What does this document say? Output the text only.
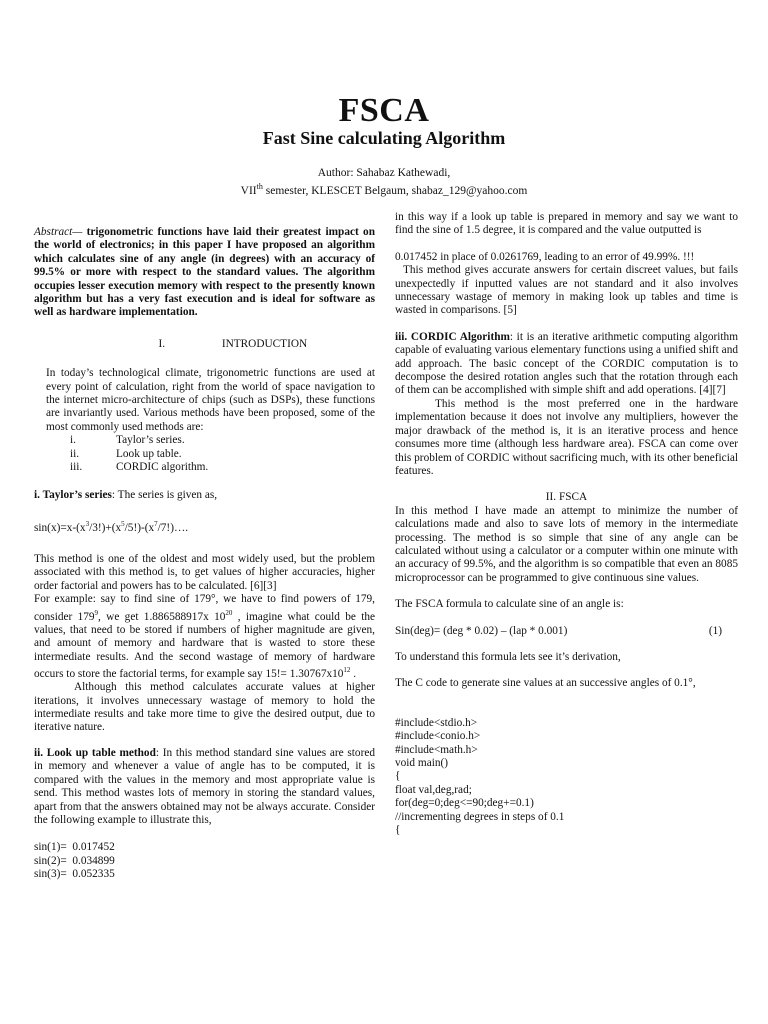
FSCA
Fast Sine calculating Algorithm
Author: Sahabaz Kathewadi,
VIIth semester, KLESCET Belgaum, shabaz_129@yahoo.com

Abstract— trigonometric functions have laid their greatest impact on the world of electronics; in this paper I have proposed an algorithm which calculates sine of any angle (in degrees) with an accuracy of 99.5% or more with respect to the standard values. The algorithm occupies lesser execution memory with respect to the presently known algorithm but has a very fast execution and is ideal for software as well as hardware implementation.

I.	INTRODUCTION

In today’s technological climate, trigonometric functions are used at every point of calculation, right from the world of space navigation to the internet micro-architecture of chips (such as DSPs), these functions are invariantly used. Various methods have been proposed, some of the most commonly used methods are:

i.	Taylor’s series.
ii.	Look up table.
iii.	CORDIC algorithm.

i. Taylor’s series: The series is given as,

$\sin(x)=x-(x^3/3!)+(x^5/5!)-(x^7/7!)\dots$.

This method is one of the oldest and most widely used, but the problem associated with this method is, to get values of higher accuracies, higher order factorial and powers has to be calculated. [6][3]

For example: say to find sine of 179°, we have to find powers of 179, consider $179^9$, we get 1.886588917x $10^{20}$ , imagine what could be the values, that need to be stored if numbers of higher magnitude are given, and amount of memory and hardware that is wasted to store these intermediate results. And the second wastage of memory of hardware occurs to store the factorial terms, for example say $15!= 1.30767x10^{12}$ .

Although this method calculates accurate values at higher iterations, it involves unnecessary wastage of memory to hold the intermediate results and take more time to give the desired output, due to iterative nature.

ii. Look up table method: In this method standard sine values are stored in memory and whenever a value of angle has to be computed, it is compared with the values in the memory and most appropriate value is send. This method wastes lots of memory in storing the standard values, apart from that the answers obtained may not be always accurate. Consider the following example to illustrate this,

sin(1)=  0.017452
sin(2)=  0.034899
sin(3)=  0.052335

in this way if a look up table is prepared in memory and say we want to find the sine of 1.5 degree, it is compared and the value outputted is

0.017452 in place of 0.0261769, leading to an error of 49.99%. !!!

This method gives accurate answers for certain discreet values, but fails unexpectedly if inputted values are not standard and it also involves unnecessary wastage of memory in making look up tables and time is wasted in comparisons. [5]

iii. CORDIC Algorithm: it is an iterative arithmetic computing algorithm capable of evaluating various elementary functions using a unified shift and add approach. The basic concept of the CORDIC computation is to decompose the desired rotation angles such that the rotation through each of them can be accomplished with simple shift and add operations. [4][7]

This method is the most preferred one in the hardware implementation because it does not involve any multipliers, however the major drawback of the method is, it is an iterative process and hence consumes more time (although less hardware area). FSCA can come over this problem of CORDIC without sacrificing much, with its other beneficial features.

II. FSCA

In this method I have made an attempt to minimize the number of calculations made and also to save lots of memory in the intermediate processing. The method is so simple that sine of any angle can be calculated without using a calculator or a computer within one minute with an accuracy of 99.5%, and the algorithm is so compatible that even an 8085 microprocessor can be programmed to give continuous sine values.

The FSCA formula to calculate sine of an angle is:

Sin(deg)= (deg * 0.02) – (lap * 0.001)	(1)

To understand this formula lets see it’s derivation,

The C code to generate sine values at an successive angles of 0.1°,

#include<stdio.h>
#include<conio.h>
#include<math.h>
void main()
{
float val,deg,rad;
for(deg=0;deg<=90;deg+=0.1)
//incrementing degrees in steps of 0.1
{
